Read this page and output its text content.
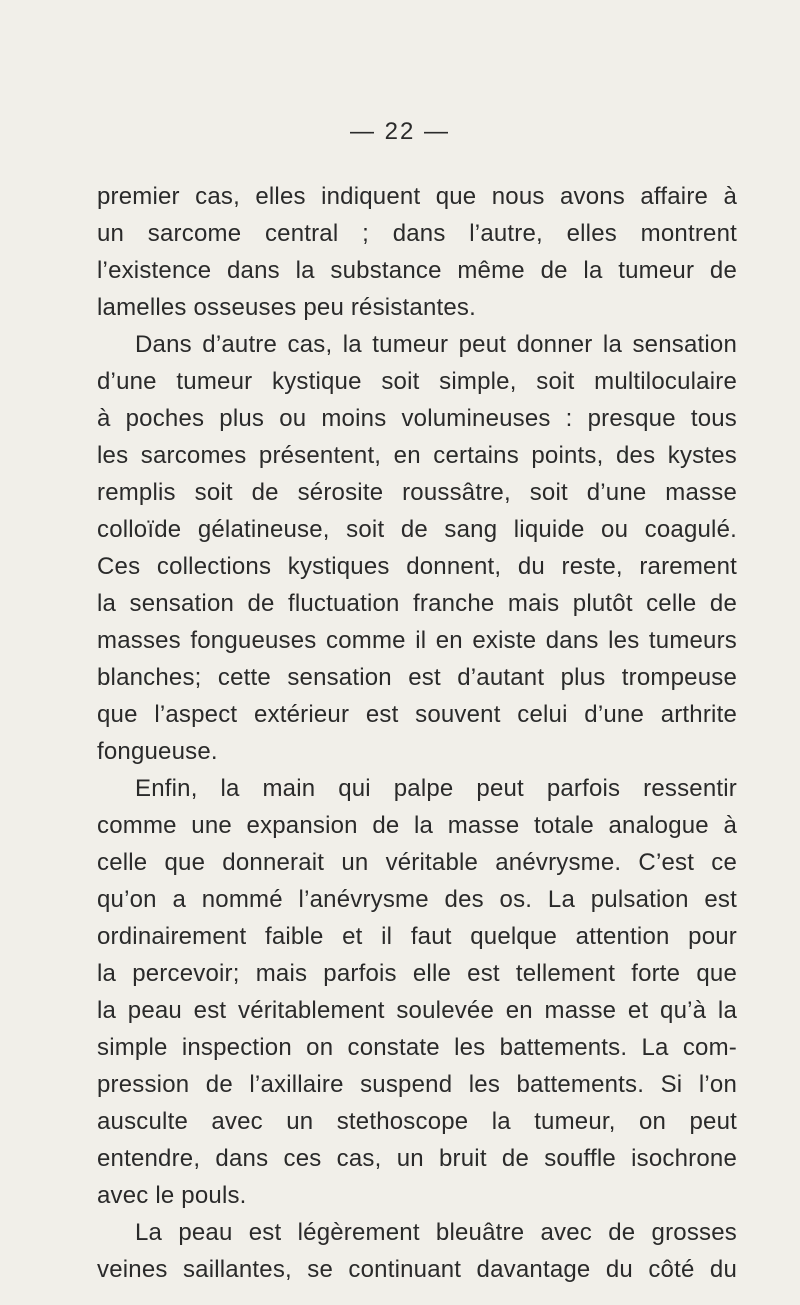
— 22 —
premier cas, elles indiquent que nous avons affaire à
un sarcome central ; dans l’autre, elles montrent
l’existence dans la substance même de la tumeur de
lamelles osseuses peu résistantes.
Dans d’autre cas, la tumeur peut donner la sensation
d’une tumeur kystique soit simple, soit multiloculaire
à poches plus ou moins volumineuses : presque tous
les sarcomes présentent, en certains points, des kystes
remplis soit de sérosite roussâtre, soit d’une masse
colloïde gélatineuse, soit de sang liquide ou coagulé.
Ces collections kystiques donnent, du reste, rarement
la sensation de fluctuation franche mais plutôt celle de
masses fongueuses comme il en existe dans les tumeurs
blanches; cette sensation est d’autant plus trompeuse
que l’aspect extérieur est souvent celui d’une arthrite
fongueuse.
Enfin, la main qui palpe peut parfois ressentir
comme une expansion de la masse totale analogue à
celle que donnerait un véritable anévrysme. C’est ce
qu’on a nommé l’anévrysme des os. La pulsation est
ordinairement faible et il faut quelque attention pour
la percevoir; mais parfois elle est tellement forte que
la peau est véritablement soulevée en masse et qu’à la
simple inspection on constate les battements. La com-
pression de l’axillaire suspend les battements. Si l’on
ausculte avec un stethoscope la tumeur, on peut
entendre, dans ces cas, un bruit de souffle isochrone
avec le pouls.
La peau est légèrement bleuâtre avec de grosses
veines saillantes, se continuant davantage du côté du
